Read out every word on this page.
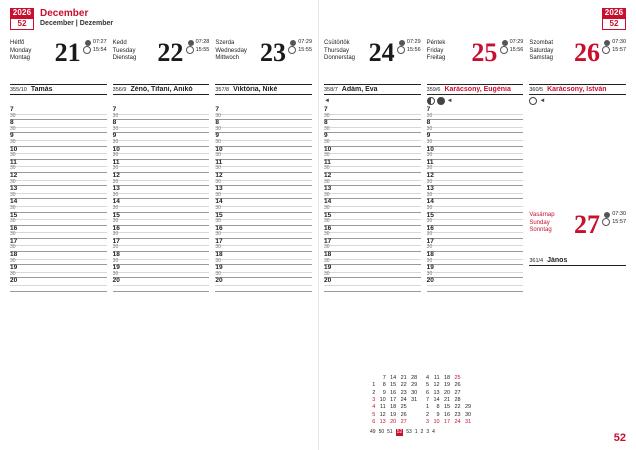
2026
52
December
December | Dezember
Hétfő
Monday
Montag 21 07:27
15:54
355/10 Tamás
7
30
8
30
9
30
10
30
11
30
12
30
13
30
14
30
15
30
16
30
17
30
18
30
19
30
20
Kedd
Tuesday
Dienstag 22 07:28
15:55
356/9 Zénó, Tifani, Anikó
7
30
8
30
9
30
10
30
11
30
12
30
13
30
14
30
15
30
16
30
17
30
18
30
19
30
20
Szerda
Wednesday
Mittwoch 23 07:29
15:55
357/8 Viktória, Niké
7
30
8
30
9
30
10
30
11
30
12
30
13
30
14
30
15
30
16
30
17
30
18
30
19
30
20
2026
52
Csütörtök
Thursday
Donnerstag 24 07:29
15:56
358/7 Ádám, Éva
◄
7
30
8
30
9
30
10
30
11
30
12
30
13
30
14
30
15
30
16
30
17
30
18
30
19
30
20
Péntek
Friday
Freitag 25 07:29
15:56
359/6 Karácsony, Eugénia
◄
7
30
8
30
9
30
10
30
11
30
12
30
13
30
14
30
15
30
16
30
17
30
18
30
19
30
20
Szombat
Saturday
Samstag 26 07:30
15:57
360/5 Karácsony, István
◄
Vasárnap
Sunday
Sonntag 27 07:30
15:57
361/4 János
	7	14	21	28		4	11	18	25	
1	8	15	22	29		5	12	19	26	
2	9	16	23	30		6	13	20	27	
3	10	17	24	31		7	14	21	28	
4	11	18	25			1	8	15	22	29
5	12	19	26			2	9	16	23	30
6	13	20	27			3	10	17	24	31
49 50 51 52 53 1 2 3 4
52
